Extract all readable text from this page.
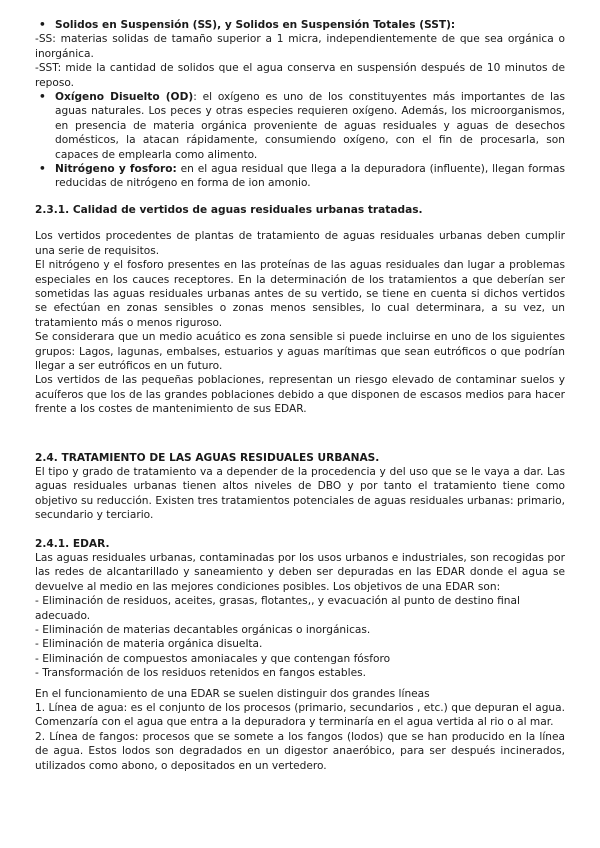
• Solidos en Suspensión (SS), y Solidos en Suspensión Totales (SST):

-SS: materias solidas de tamaño superior a 1 micra, independientemente de que sea orgánica o inorgánica.

-SST: mide la cantidad de solidos que el agua conserva en suspensión después de 10 minutos de reposo.

• Oxígeno Disuelto (OD): el oxígeno es uno de los constituyentes más importantes de las aguas naturales. Los peces y otras especies requieren oxígeno. Además, los microorganismos, en presencia de materia orgánica proveniente de aguas residuales y aguas de desechos domésticos, la atacan rápidamente, consumiendo oxígeno, con el fin de procesarla, son capaces de emplearla como alimento.
• Nitrógeno y fosforo: en el agua residual que llega a la depuradora (influente), llegan formas reducidas de nitrógeno en forma de ion amonio.

2.3.1. Calidad de vertidos de aguas residuales urbanas tratadas.

Los vertidos procedentes de plantas de tratamiento de aguas residuales urbanas deben cumplir una serie de requisitos.

El nitrógeno y el fosforo presentes en las proteínas de las aguas residuales dan lugar a problemas especiales en los cauces receptores. En la determinación de los tratamientos a que deberían ser sometidas las aguas residuales urbanas antes de su vertido, se tiene en cuenta si dichos vertidos se efectúan en zonas sensibles o zonas menos sensibles, lo cual determinara, a su vez, un tratamiento más o menos riguroso.

Se considerara que un medio acuático es zona sensible si puede incluirse en uno de los siguientes grupos: Lagos, lagunas, embalses, estuarios y aguas marítimas que sean eutróficos o que podrían llegar a ser eutróficos en un futuro.

Los vertidos de las pequeñas poblaciones, representan un riesgo elevado de contaminar suelos y acuíferos que los de las grandes poblaciones debido a que disponen de escasos medios para hacer frente a los costes de mantenimiento de sus EDAR.

2.4. TRATAMIENTO DE LAS AGUAS RESIDUALES URBANAS.

El tipo y grado de tratamiento va a depender de la procedencia y del uso que se le vaya a dar. Las aguas residuales urbanas tienen altos niveles de DBO y por tanto el tratamiento tiene como objetivo su reducción. Existen tres tratamientos potenciales de aguas residuales urbanas: primario, secundario y terciario.

2.4.1. EDAR.

Las aguas residuales urbanas, contaminadas por los usos urbanos e industriales, son recogidas por las redes de alcantarillado y saneamiento y deben ser depuradas en las EDAR donde el agua se devuelve al medio en las mejores condiciones posibles. Los objetivos de una EDAR son:

- Eliminación de residuos, aceites, grasas, flotantes,, y evacuación al punto de destino final adecuado.

- Eliminación de materias decantables orgánicas o inorgánicas.

- Eliminación de materia orgánica disuelta.

- Eliminación de compuestos amoniacales y que contengan fósforo

- Transformación de los residuos retenidos en fangos estables.

En el funcionamiento de una EDAR se suelen distinguir dos grandes líneas

1. Línea de agua: es el conjunto de los procesos (primario, secundarios , etc.) que depuran el agua. Comenzaría con el agua que entra a la depuradora y terminaría en el agua vertida al rio o al mar.

2. Línea de fangos: procesos que se somete a los fangos (lodos) que se han producido en la línea de agua. Estos lodos son degradados en un digestor anaeróbico, para ser después incinerados, utilizados como abono, o depositados en un vertedero.
